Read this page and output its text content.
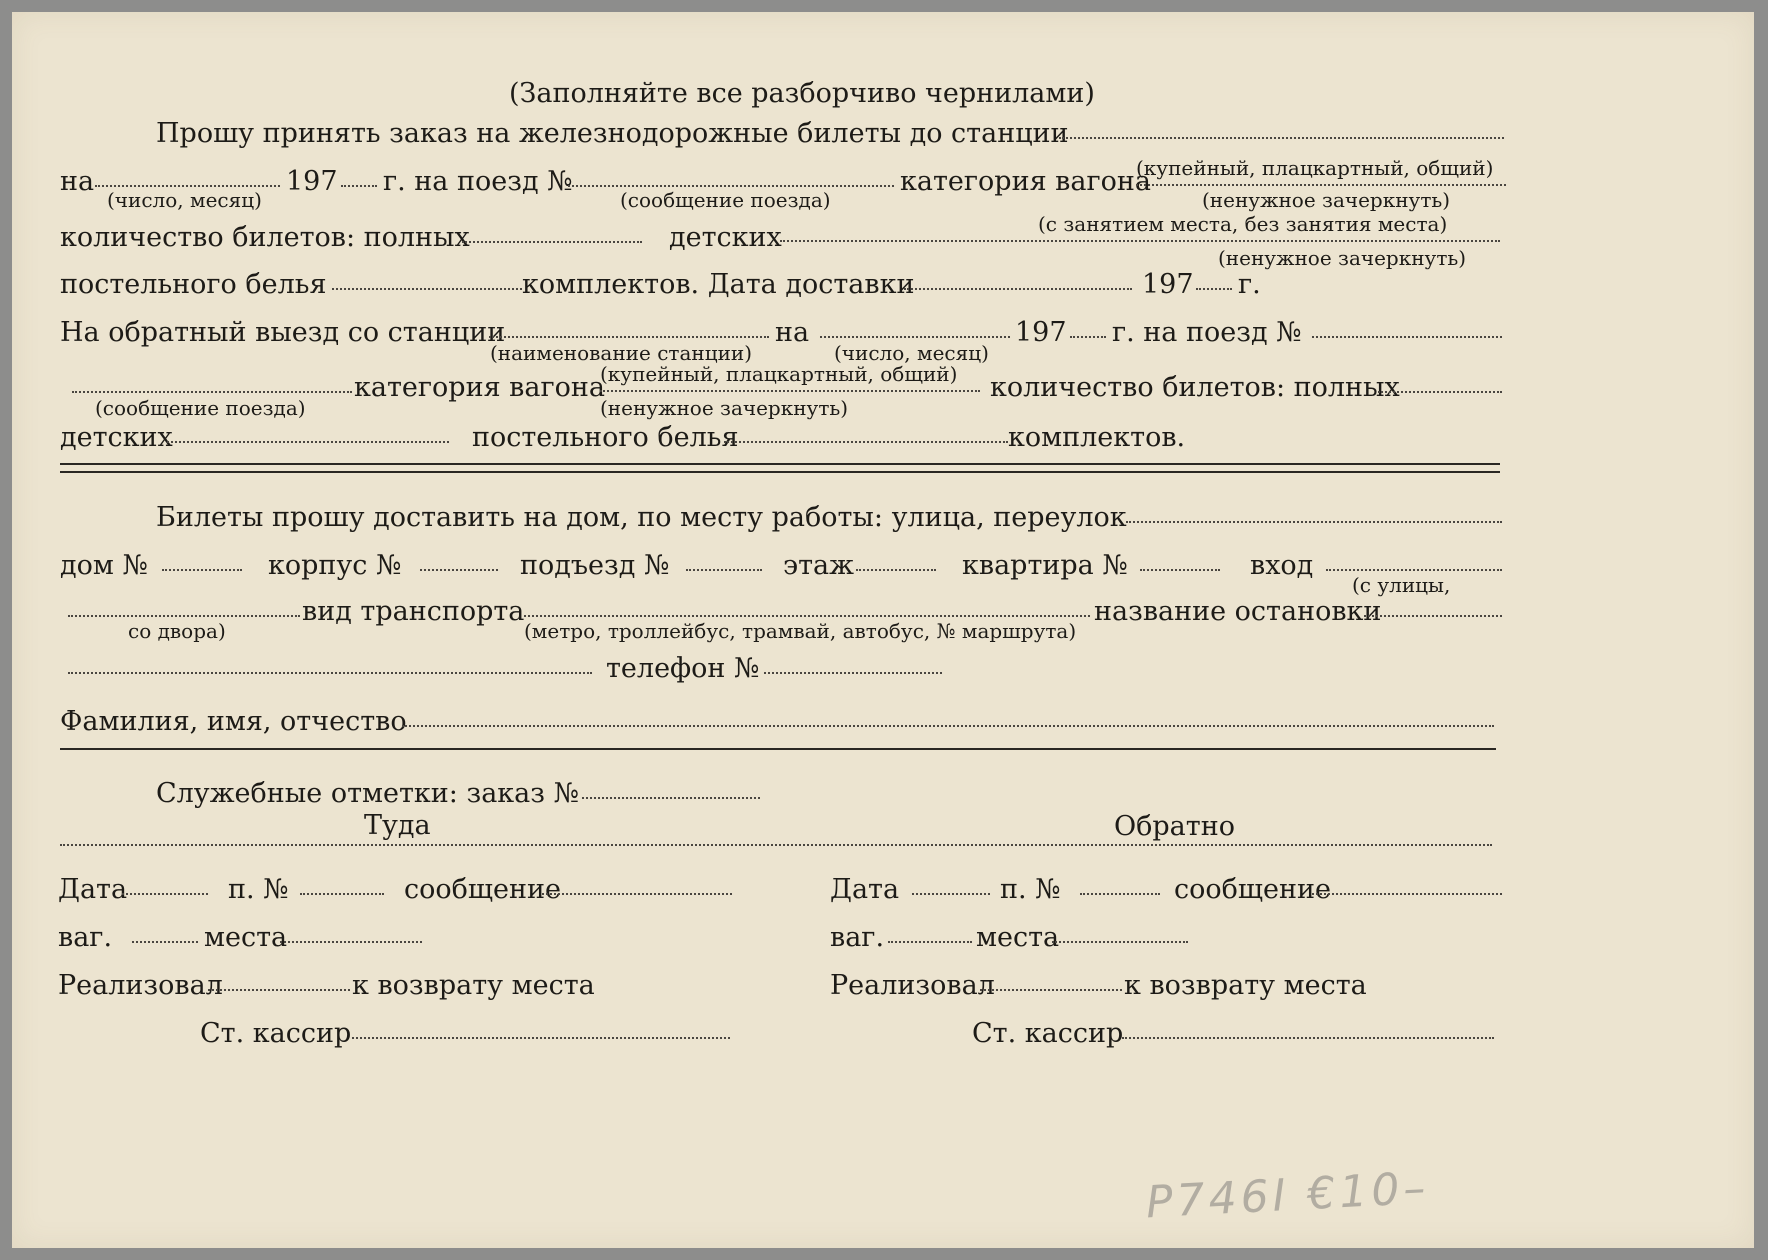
(Заполняйте все разборчиво чернилами)
Прошу принять заказ на железнодорожные билеты до станции
на	197 г. на поезд №	категория вагона
(купейный, плацкартный, общий)
(число, месяц)	(сообщение поезда)	(ненужное зачеркнуть)
количество билетов: полных	детских	(с занятием места, без занятия места)
(ненужное зачеркнуть)
постельного белья	комплектов. Дата доставки	197 г.
На обратный выезд со станции	на	197 г. на поезд №
(наименование станции)	(число, месяц)
категория вагона
(купейный, плацкартный, общий) количество билетов: полных
(сообщение поезда)	(ненужное зачеркнуть)
детских	постельного белья	комплектов.
Билеты прошу доставить на дом, по месту работы: улица, переулок
дом №	корпус №	подъезд №	этаж	квартира №	вход
(с улицы,
со двора)
вид транспорта
(метро, троллейбус, трамвай, автобус, № маршрута)
название остановки
телефон №
Фамилия, имя, отчество
Служебные отметки: заказ №
Туда	Обратно
Дата	п. №	сообщение
ваг.	места
Реализовал	к возврату места
Ст. кассир
Дата	п. №	сообщение
ваг.	места
Реализовал	к возврату места
Ст. кассир
Р746I €10–
